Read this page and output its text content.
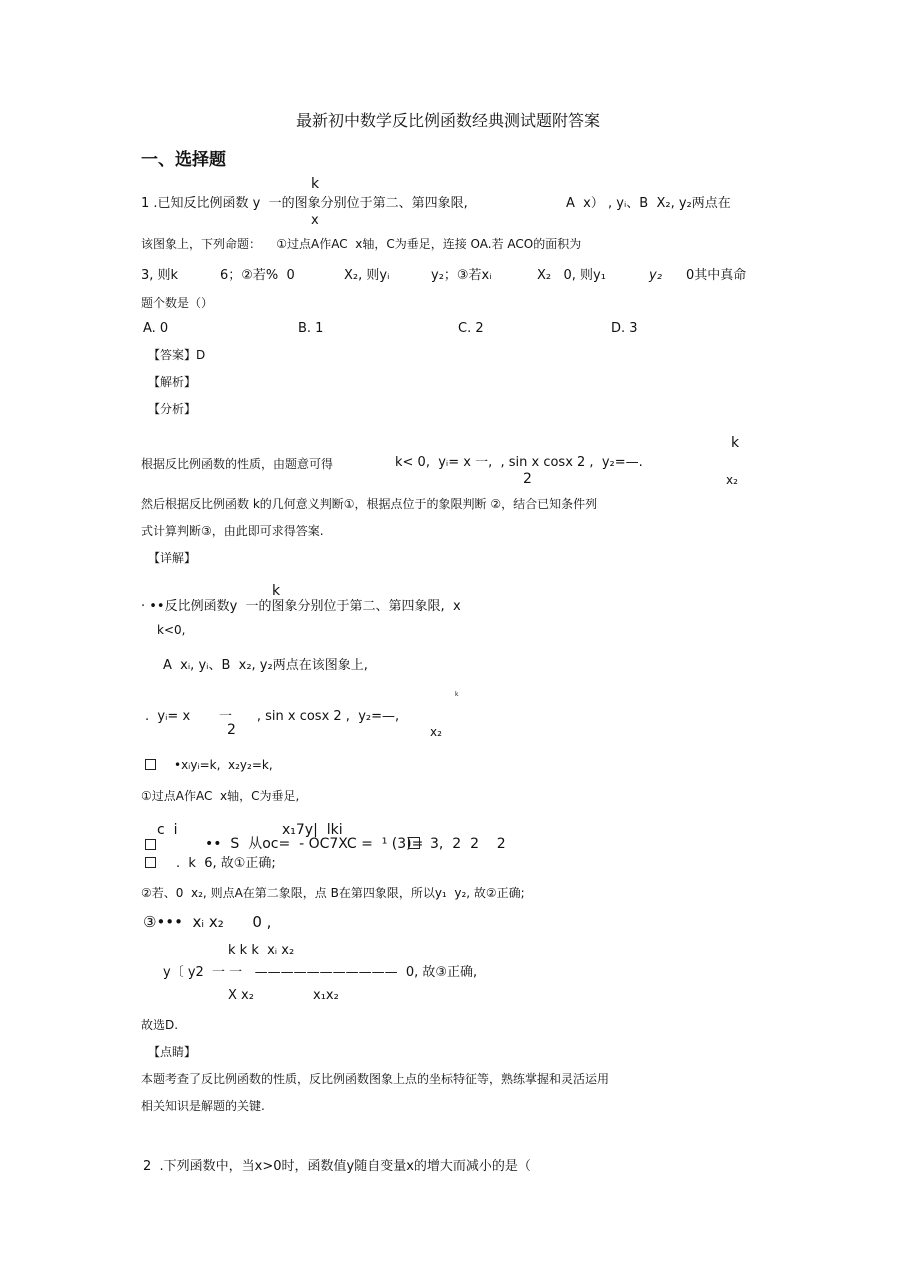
最新初中数学反比例函数经典测试题附答案
一、选择题
k
1 .已知反比例函数 y  一的图象分别位于第二、第四象限,	A  x） , yᵢ、B  X₂, y₂两点在
x
该图象上，下列命题：    ①过点A作AC  x轴，C为垂足，连接 OA.若 ACO的面积为
3, 则k	6；②若%  0	X₂, 则yᵢ	y₂；③若xᵢ	X₂   0, 则y₁	y₂ 0其中真命
题个数是（）
A. 0	B. 1	C. 2	D. 3
【答案】D
【解析】
【分析】
k
根据反比例函数的性质，由题意可得	k< 0,  yᵢ= x 一,  , sin x cosx 2 ,  y₂=—.
2	x₂
然后根据反比例函数 k的几何意义判断①，根据点位于的象限判断 ②，结合已知条件列
式计算判断③，由此即可求得答案.
【详解】
k
· ••反比例函数y  一的图象分别位于第二、第四象限,  x
k<0,
A  xᵢ, yᵢ、B  x₂, y₂两点在该图象上,
k
.  yᵢ= x       一      , sin x cosx 2 ,  y₂=—,
2	x₂
•xᵢyᵢ=k,  x₂y₂=k,
①过点A作AC  x轴，C为垂足,
c  i	x₁7y|  lki
••  S  从oc=  - OC7XC =  ¹ (3)= 3,  2  2    2
.  k  6, 故①正确;
②若、0  x₂, 则点A在第二象限，点 B在第四象限，所以y₁  y₂, 故②正确;
③•••  xᵢ x₂      0 ,
k k k  xᵢ x₂
y〔 y2  一 一   ———————————  0, 故③正确,
X x₂	x₁x₂
故选D.
【点睛】
本题考查了反比例函数的性质，反比例函数图象上点的坐标特征等，熟练掌握和灵活运用
相关知识是解题的关键.
2  .下列函数中，当x>0时，函数值y随自变量x的增大而减小的是（
